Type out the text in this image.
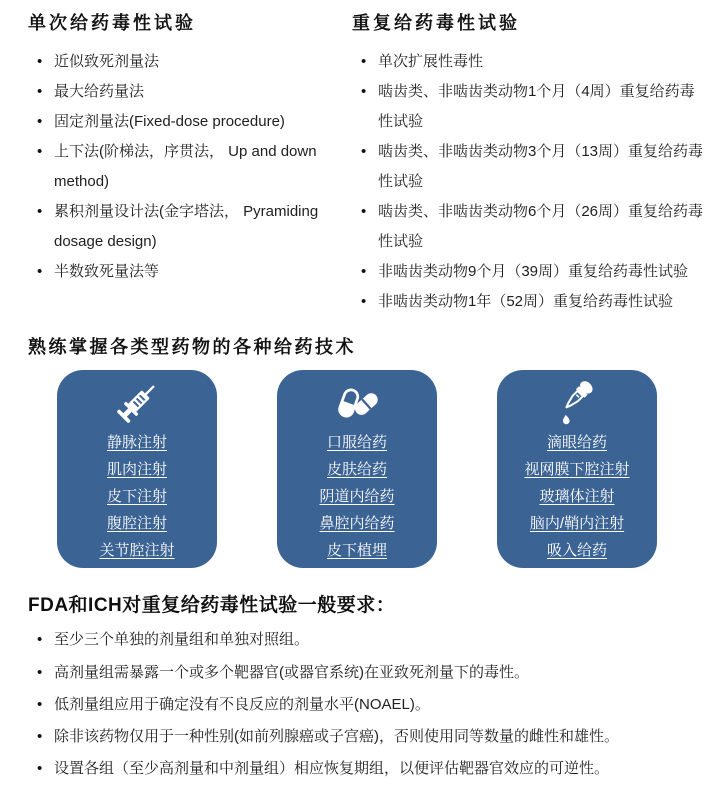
单次给药毒性试验
• 近似致死剂量法
• 最大给药量法
• 固定剂量法(Fixed-dose procedure)
• 上下法(阶梯法，序贯法， Up and down method)
• 累积剂量设计法(金字塔法， Pyramiding dosage design)
• 半数致死量法等
重复给药毒性试验
• 单次扩展性毒性
• 啮齿类、非啮齿类动物1个月（4周）重复给药毒性试验
• 啮齿类、非啮齿类动物3个月（13周）重复给药毒性试验
• 啮齿类、非啮齿类动物6个月（26周）重复给药毒性试验
• 非啮齿类动物9个月（39周）重复给药毒性试验
• 非啮齿类动物1年（52周）重复给药毒性试验
熟练掌握各类型药物的各种给药技术
静脉注射
肌肉注射
皮下注射
腹腔注射
关节腔注射
口服给药
皮肤给药
阴道内给药
鼻腔内给药
皮下植埋
滴眼给药
视网膜下腔注射
玻璃体注射
脑内/鞘内注射
吸入给药
FDA和ICH对重复给药毒性试验一般要求：
• 至少三个单独的剂量组和单独对照组。
• 高剂量组需暴露一个或多个靶器官(或器官系统)在亚致死剂量下的毒性。
• 低剂量组应用于确定没有不良反应的剂量水平(NOAEL)。
• 除非该药物仅用于一种性别(如前列腺癌或子宫癌)，否则使用同等数量的雌性和雄性。
• 设置各组（至少高剂量和中剂量组）相应恢复期组，以便评估靶器官效应的可逆性。
